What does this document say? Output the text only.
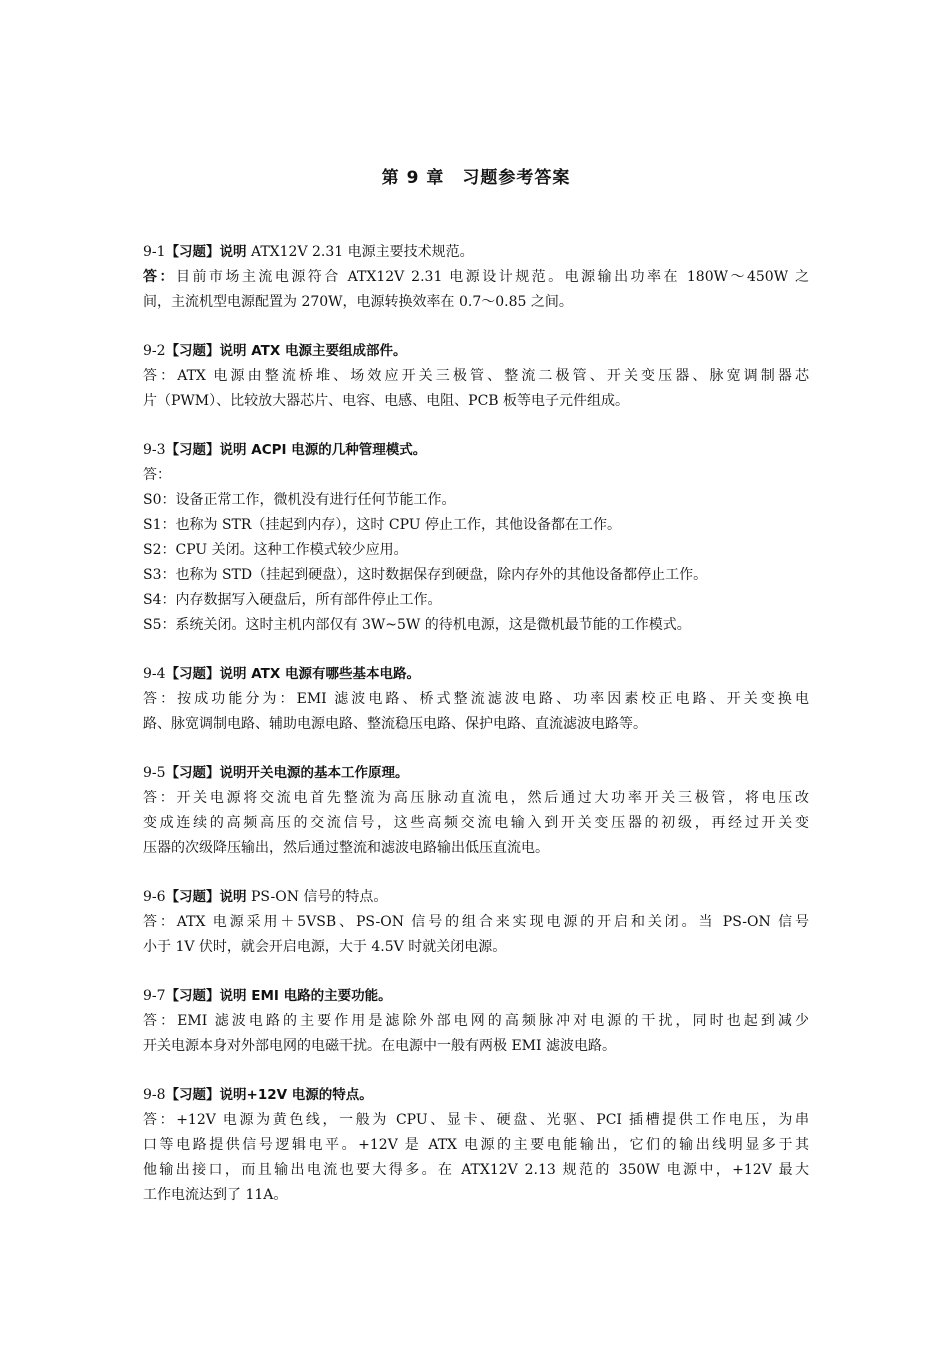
第 9 章　习题参考答案
9-1【习题】说明 ATX12V 2.31 电源主要技术规范。
答：目前市场主流电源符合 ATX12V 2.31 电源设计规范。电源输出功率在 180W～450W 之
间，主流机型电源配置为 270W，电源转换效率在 0.7～0.85 之间。
9-2【习题】说明 ATX 电源主要组成部件。
答：ATX 电源由整流桥堆、场效应开关三极管、整流二极管、开关变压器、脉宽调制器芯
片（PWM）、比较放大器芯片、电容、电感、电阻、PCB 板等电子元件组成。
9-3【习题】说明 ACPI 电源的几种管理模式。
答：
S0：设备正常工作，微机没有进行任何节能工作。
S1：也称为 STR（挂起到内存），这时 CPU 停止工作，其他设备都在工作。
S2：CPU 关闭。这种工作模式较少应用。
S3：也称为 STD（挂起到硬盘），这时数据保存到硬盘，除内存外的其他设备都停止工作。
S4：内存数据写入硬盘后，所有部件停止工作。
S5：系统关闭。这时主机内部仅有 3W~5W 的待机电源，这是微机最节能的工作模式。
9-4【习题】说明 ATX 电源有哪些基本电路。
答：按成功能分为：EMI 滤波电路、桥式整流滤波电路、功率因素校正电路、开关变换电
路、脉宽调制电路、辅助电源电路、整流稳压电路、保护电路、直流滤波电路等。
9-5【习题】说明开关电源的基本工作原理。
答：开关电源将交流电首先整流为高压脉动直流电，然后通过大功率开关三极管，将电压改
变成连续的高频高压的交流信号，这些高频交流电输入到开关变压器的初级，再经过开关变
压器的次级降压输出，然后通过整流和滤波电路输出低压直流电。
9-6【习题】说明 PS-ON 信号的特点。
答：ATX 电源采用＋5VSB、PS-ON 信号的组合来实现电源的开启和关闭。当 PS-ON 信号
小于 1V 伏时，就会开启电源，大于 4.5V 时就关闭电源。
9-7【习题】说明 EMI 电路的主要功能。
答：EMI 滤波电路的主要作用是滤除外部电网的高频脉冲对电源的干扰，同时也起到减少
开关电源本身对外部电网的电磁干扰。在电源中一般有两极 EMI 滤波电路。
9-8【习题】说明+12V 电源的特点。
答：+12V 电源为黄色线，一般为 CPU、显卡、硬盘、光驱、PCI 插槽提供工作电压，为串
口等电路提供信号逻辑电平。+12V 是 ATX 电源的主要电能输出，它们的输出线明显多于其
他输出接口，而且输出电流也要大得多。在 ATX12V 2.13 规范的 350W 电源中，+12V 最大
工作电流达到了 11A。
